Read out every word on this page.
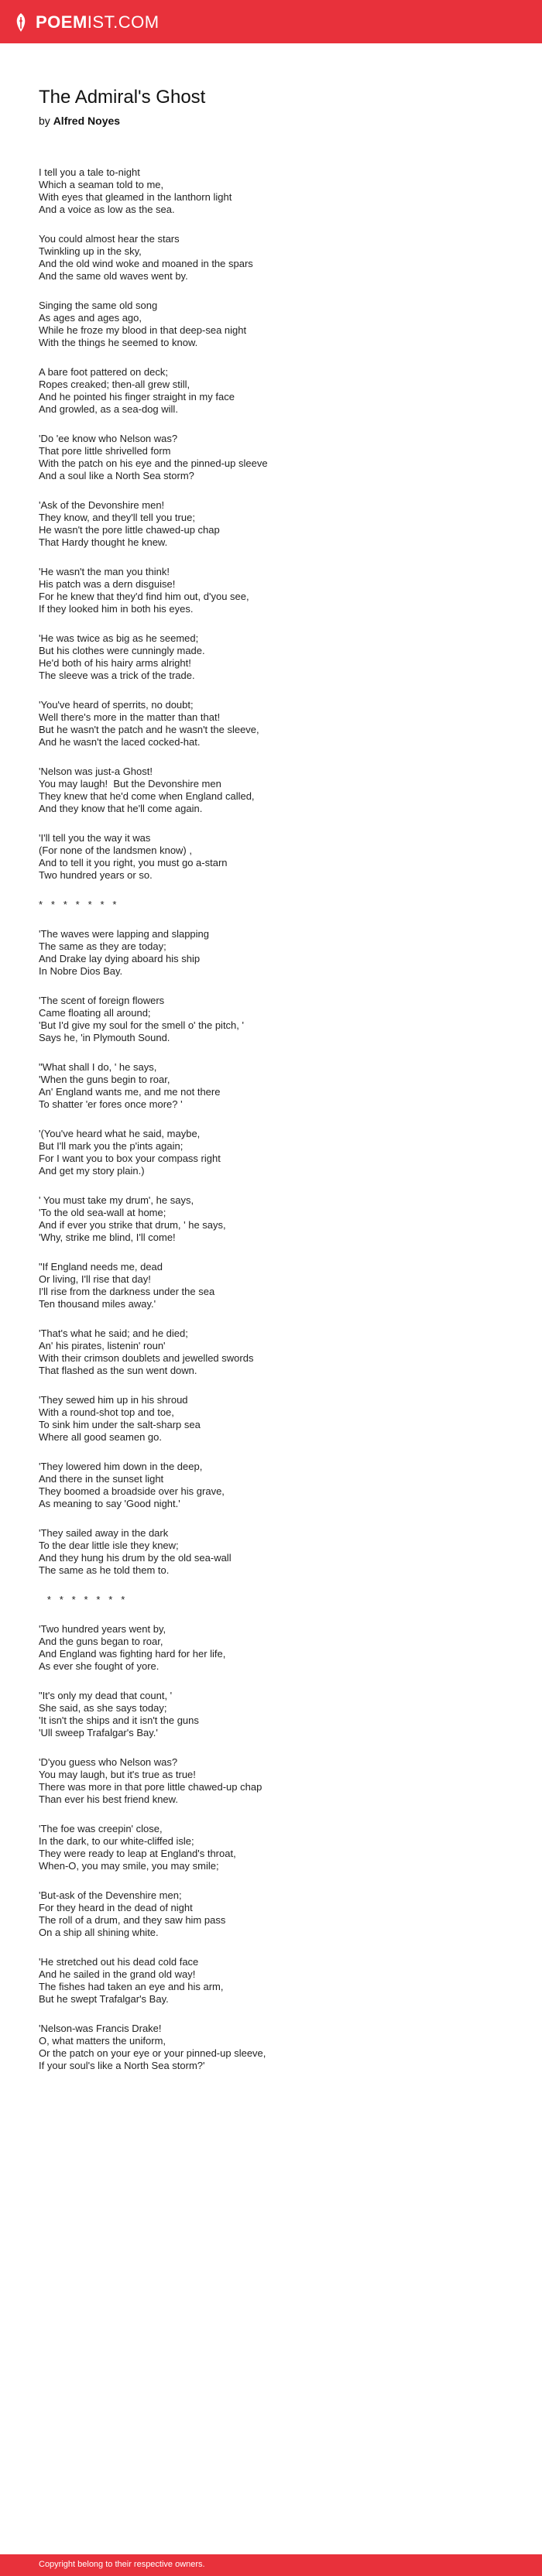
POEM IST.COM
The Admiral's Ghost
by Alfred Noyes
I tell you a tale to-night
Which a seaman told to me,
With eyes that gleamed in the lanthorn light
And a voice as low as the sea.
You could almost hear the stars
Twinkling up in the sky,
And the old wind woke and moaned in the spars
And the same old waves went by.
Singing the same old song
As ages and ages ago,
While he froze my blood in that deep-sea night
With the things he seemed to know.
A bare foot pattered on deck;
Ropes creaked; then-all grew still,
And he pointed his finger straight in my face
And growled, as a sea-dog will.
'Do 'ee know who Nelson was?
That pore little shrivelled form
With the patch on his eye and the pinned-up sleeve
And a soul like a North Sea storm?
'Ask of the Devonshire men!
They know, and they'll tell you true;
He wasn't the pore little chawed-up chap
That Hardy thought he knew.
'He wasn't the man you think!
His patch was a dern disguise!
For he knew that they'd find him out, d'you see,
If they looked him in both his eyes.
'He was twice as big as he seemed;
But his clothes were cunningly made.
He'd both of his hairy arms alright!
The sleeve was a trick of the trade.
'You've heard of sperrits, no doubt;
Well there's more in the matter than that!
But he wasn't the patch and he wasn't the sleeve,
And he wasn't the laced cocked-hat.
'Nelson was just-a Ghost!
You may laugh!  But the Devonshire men
They knew that he'd come when England called,
And they know that he'll come again.
'I'll tell you the way it was
(For none of the landsmen know) ,
And to tell it you right, you must go a-starn
Two hundred years or so.
*   *   *   *   *   *   *
'The waves were lapping and slapping
The same as they are today;
And Drake lay dying aboard his ship
In Nobre Dios Bay.
'The scent of foreign flowers
Came floating all around;
'But I'd give my soul for the smell o' the pitch, '
Says he, 'in Plymouth Sound.
"What shall I do, ' he says,
'When the guns begin to roar,
An' England wants me, and me not there
To shatter 'er fores once more? '
'(You've heard what he said, maybe,
But I'll mark you the p'ints again;
For I want you to box your compass right
And get my story plain.)
' You must take my drum', he says,
'To the old sea-wall at home;
And if ever you strike that drum, ' he says,
'Why, strike me blind, I'll come!
"If England needs me, dead
Or living, I'll rise that day!
I'll rise from the darkness under the sea
Ten thousand miles away.'
'That's what he said; and he died;
An' his pirates, listenin' roun'
With their crimson doublets and jewelled swords
That flashed as the sun went down.
'They sewed him up in his shroud
With a round-shot top and toe,
To sink him under the salt-sharp sea
Where all good seamen go.
'They lowered him down in the deep,
And there in the sunset light
They boomed a broadside over his grave,
As meaning to say 'Good night.'
'They sailed away in the dark
To the dear little isle they knew;
And they hung his drum by the old sea-wall
The same as he told them to.
*   *   *   *   *   *   *
'Two hundred years went by,
And the guns began to roar,
And England was fighting hard for her life,
As ever she fought of yore.
"It's only my dead that count, '
She said, as she says today;
'It isn't the ships and it isn't the guns
'Ull sweep Trafalgar's Bay.'
'D'you guess who Nelson was?
You may laugh, but it's true as true!
There was more in that pore little chawed-up chap
Than ever his best friend knew.
'The foe was creepin' close,
In the dark, to our white-cliffed isle;
They were ready to leap at England's throat,
When-O, you may smile, you may smile;
'But-ask of the Devenshire men;
For they heard in the dead of night
The roll of a drum, and they saw him pass
On a ship all shining white.
'He stretched out his dead cold face
And he sailed in the grand old way!
The fishes had taken an eye and his arm,
But he swept Trafalgar's Bay.
'Nelson-was Francis Drake!
O, what matters the uniform,
Or the patch on your eye or your pinned-up sleeve,
If your soul's like a North Sea storm?'
Copyright belong to their respective owners.
